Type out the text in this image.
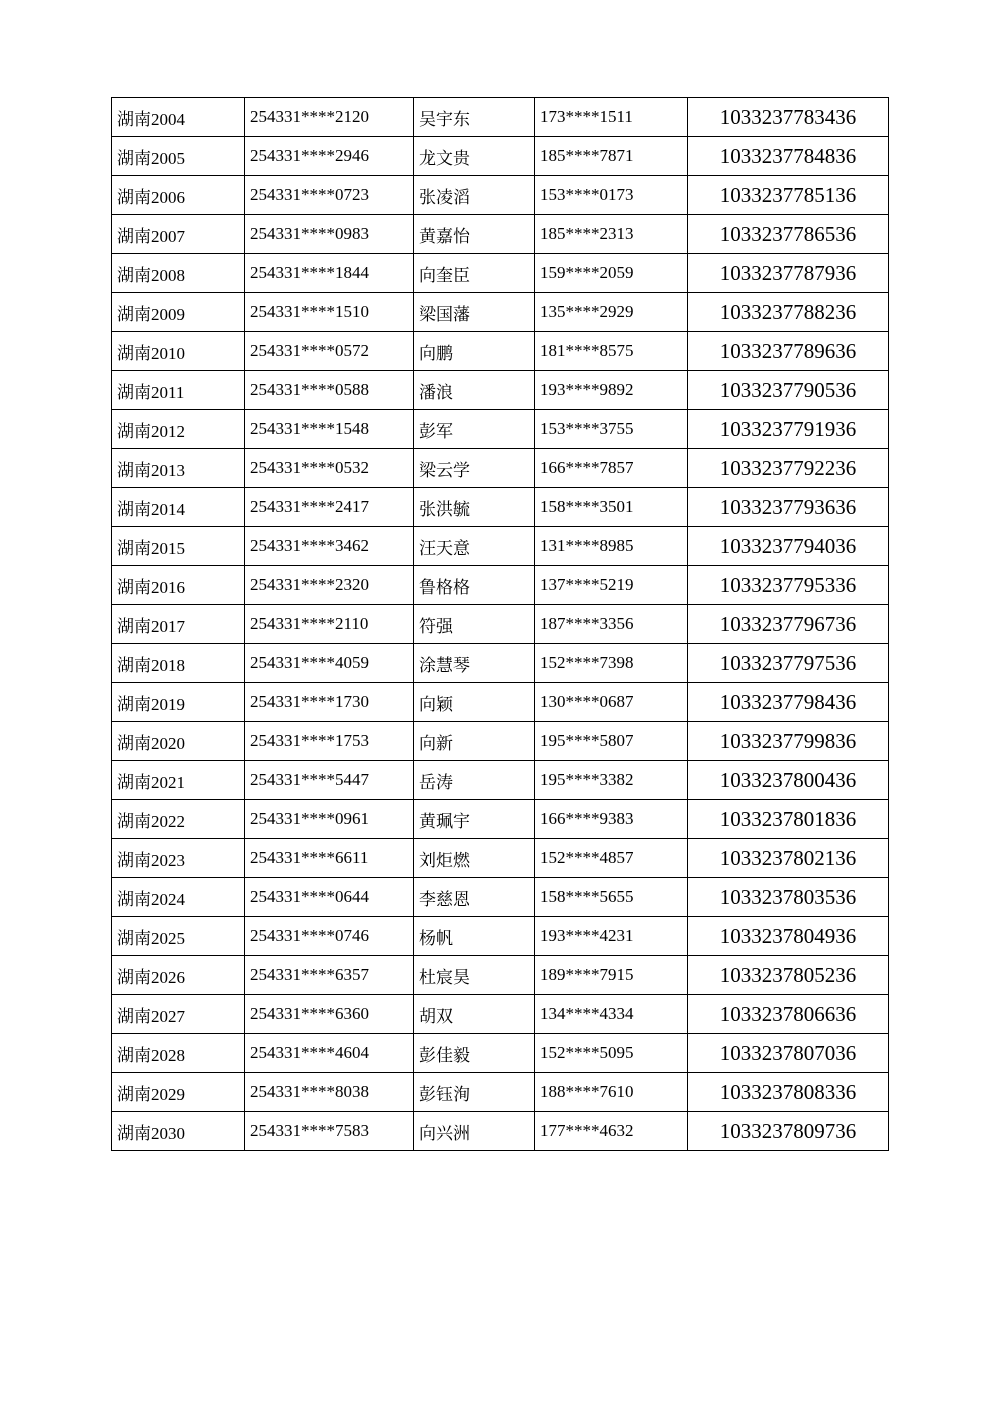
湖南2004	254331****2120	吴宇东	173****1511	1033237783436
湖南2005	254331****2946	龙文贵	185****7871	1033237784836
湖南2006	254331****0723	张凌滔	153****0173	1033237785136
湖南2007	254331****0983	黄嘉怡	185****2313	1033237786536
湖南2008	254331****1844	向奎臣	159****2059	1033237787936
湖南2009	254331****1510	梁国藩	135****2929	1033237788236
湖南2010	254331****0572	向鹏	181****8575	1033237789636
湖南2011	254331****0588	潘浪	193****9892	1033237790536
湖南2012	254331****1548	彭军	153****3755	1033237791936
湖南2013	254331****0532	梁云学	166****7857	1033237792236
湖南2014	254331****2417	张洪毓	158****3501	1033237793636
湖南2015	254331****3462	汪天意	131****8985	1033237794036
湖南2016	254331****2320	鲁格格	137****5219	1033237795336
湖南2017	254331****2110	符强	187****3356	1033237796736
湖南2018	254331****4059	涂慧琴	152****7398	1033237797536
湖南2019	254331****1730	向颖	130****0687	1033237798436
湖南2020	254331****1753	向新	195****5807	1033237799836
湖南2021	254331****5447	岳涛	195****3382	1033237800436
湖南2022	254331****0961	黄珮宇	166****9383	1033237801836
湖南2023	254331****6611	刘炬燃	152****4857	1033237802136
湖南2024	254331****0644	李慈恩	158****5655	1033237803536
湖南2025	254331****0746	杨帆	193****4231	1033237804936
湖南2026	254331****6357	杜宸昊	189****7915	1033237805236
湖南2027	254331****6360	胡双	134****4334	1033237806636
湖南2028	254331****4604	彭佳毅	152****5095	1033237807036
湖南2029	254331****8038	彭钰洵	188****7610	1033237808336
湖南2030	254331****7583	向兴洲	177****4632	1033237809736
